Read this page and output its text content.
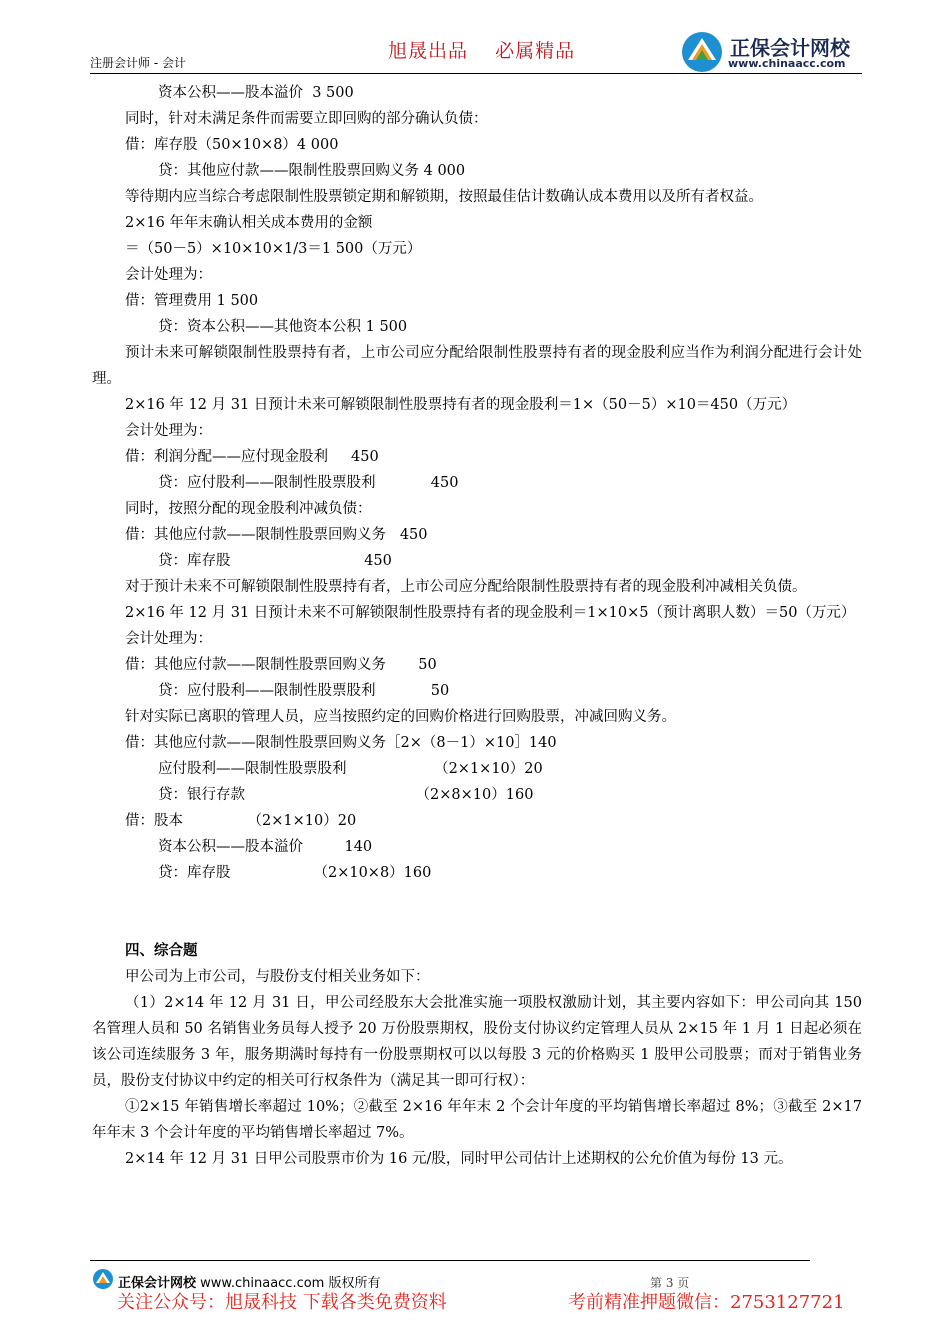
旭晟出品 必属精品
注册会计师 - 会计
正保会计网校
www.chinaacc.com
资本公积——股本溢价  3 500
同时，针对未满足条件而需要立即回购的部分确认负债：
借：库存股（50×10×8）4 000
贷：其他应付款——限制性股票回购义务 4 000
等待期内应当综合考虑限制性股票锁定期和解锁期，按照最佳估计数确认成本费用以及所有者权益。
2×16 年年末确认相关成本费用的金额
＝（50－5）×10×10×1/3＝1 500（万元）
会计处理为：
借：管理费用 1 500
贷：资本公积——其他资本公积 1 500
预计未来可解锁限制性股票持有者，上市公司应分配给限制性股票持有者的现金股利应当作为利润分配进行会计处理。
2×16 年 12 月 31 日预计未来可解锁限制性股票持有者的现金股利＝1×（50－5）×10＝450（万元）
会计处理为：
借：利润分配——应付现金股利     450
贷：应付股利——限制性股票股利            450
同时，按照分配的现金股利冲减负债：
借：其他应付款——限制性股票回购义务   450
贷：库存股                             450
对于预计未来不可解锁限制性股票持有者，上市公司应分配给限制性股票持有者的现金股利冲减相关负债。
2×16 年 12 月 31 日预计未来不可解锁限制性股票持有者的现金股利＝1×10×5（预计离职人数）＝50（万元）
会计处理为：
借：其他应付款——限制性股票回购义务       50
贷：应付股利——限制性股票股利            50
针对实际已离职的管理人员，应当按照约定的回购价格进行回购股票，冲减回购义务。
借：其他应付款——限制性股票回购义务［2×（8－1）×10］140
应付股利——限制性股票股利                   （2×1×10）20
贷：银行存款                                     （2×8×10）160
借：股本              （2×1×10）20
资本公积——股本溢价         140
贷：库存股                  （2×10×8）160
四、综合题
甲公司为上市公司，与股份支付相关业务如下：
（1）2×14 年 12 月 31 日，甲公司经股东大会批准实施一项股权激励计划，其主要内容如下：甲公司向其 150 名管理人员和 50 名销售业务员每人授予 20 万份股票期权，股份支付协议约定管理人员从 2×15 年 1 月 1 日起必须在该公司连续服务 3 年，服务期满时每持有一份股票期权可以以每股 3 元的价格购买 1 股甲公司股票；而对于销售业务员，股份支付协议中约定的相关可行权条件为（满足其一即可行权）：
①2×15 年销售增长率超过 10%；②截至 2×16 年年末 2 个会计年度的平均销售增长率超过 8%；③截至 2×17 年年末 3 个会计年度的平均销售增长率超过 7%。
2×14 年 12 月 31 日甲公司股票市价为 16 元/股，同时甲公司估计上述期权的公允价值为每份 13 元。
正保会计网校 www.chinaacc.com 版权所有	第 3 页
关注公众号：旭晟科技 下载各类免费资料	考前精准押题微信：2753127721
